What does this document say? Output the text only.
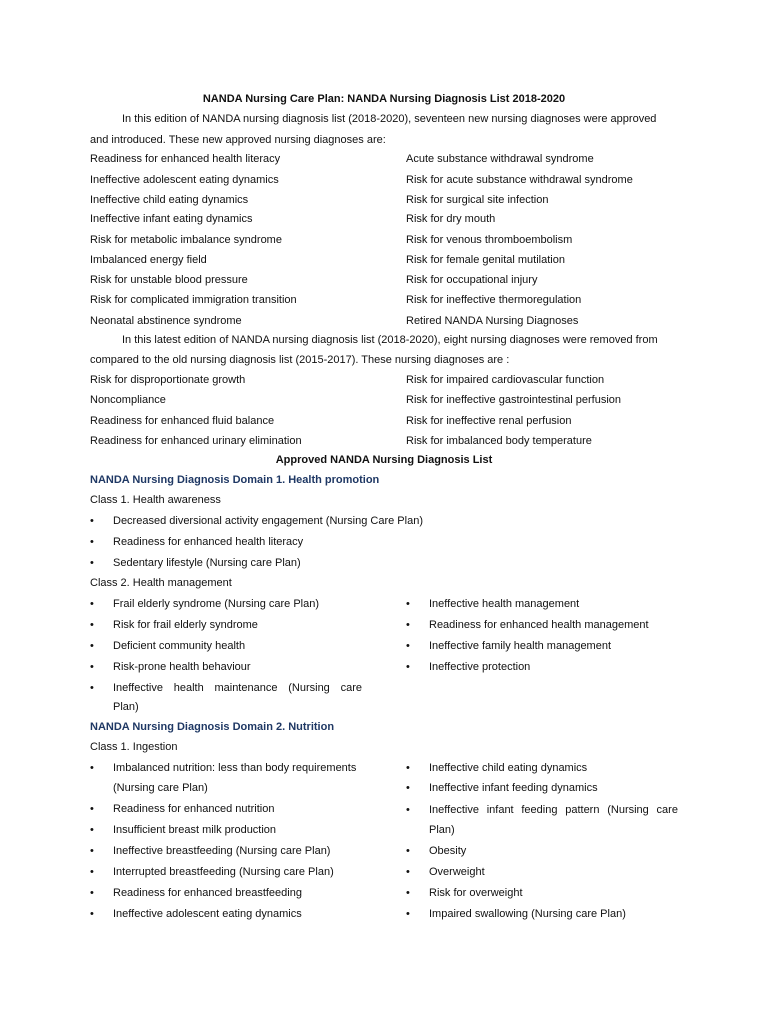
NANDA Nursing Care Plan: NANDA Nursing Diagnosis List 2018-2020
In this edition of NANDA nursing diagnosis list (2018-2020), seventeen new nursing diagnoses were approved
and introduced. These new approved nursing diagnoses are:
Readiness for enhanced health literacy
Ineffective adolescent eating dynamics
Ineffective child eating dynamics
Ineffective infant eating dynamics
Risk for metabolic imbalance syndrome
Imbalanced energy field
Risk for unstable blood pressure
Risk for complicated immigration transition
Neonatal abstinence syndrome
Acute substance withdrawal syndrome
Risk for acute substance withdrawal syndrome
Risk for surgical site infection
Risk for dry mouth
Risk for venous thromboembolism
Risk for female genital mutilation
Risk for occupational injury
Risk for ineffective thermoregulation
Retired NANDA Nursing Diagnoses
In this latest edition of NANDA nursing diagnosis list (2018-2020), eight nursing diagnoses were removed from
compared to the old nursing diagnosis list (2015-2017). These nursing diagnoses are :
Risk for disproportionate growth
Noncompliance
Readiness for enhanced fluid balance
Readiness for enhanced urinary elimination
Risk for impaired cardiovascular function
Risk for ineffective gastrointestinal perfusion
Risk for ineffective renal perfusion
Risk for imbalanced body temperature
Approved NANDA Nursing Diagnosis List
NANDA Nursing Diagnosis Domain 1. Health promotion
Class 1. Health awareness
• Decreased diversional activity engagement (Nursing Care Plan)
• Readiness for enhanced health literacy
• Sedentary lifestyle (Nursing care Plan)
Class 2. Health management
• Frail elderly syndrome (Nursing care Plan)
• Risk for frail elderly syndrome
• Deficient community health
• Risk-prone health behaviour
• Ineffective health maintenance (Nursing care
Plan)
• Ineffective health management
• Readiness for enhanced health management
• Ineffective family health management
• Ineffective protection
NANDA Nursing Diagnosis Domain 2. Nutrition
Class 1. Ingestion
• Imbalanced nutrition: less than body requirements
(Nursing care Plan)
• Readiness for enhanced nutrition
• Insufficient breast milk production
• Ineffective breastfeeding (Nursing care Plan)
• Interrupted breastfeeding (Nursing care Plan)
• Readiness for enhanced breastfeeding
• Ineffective adolescent eating dynamics
• Ineffective child eating dynamics
• Ineffective infant feeding dynamics
• Ineffective infant feeding pattern (Nursing care
Plan)
• Obesity
• Overweight
• Risk for overweight
• Impaired swallowing (Nursing care Plan)
